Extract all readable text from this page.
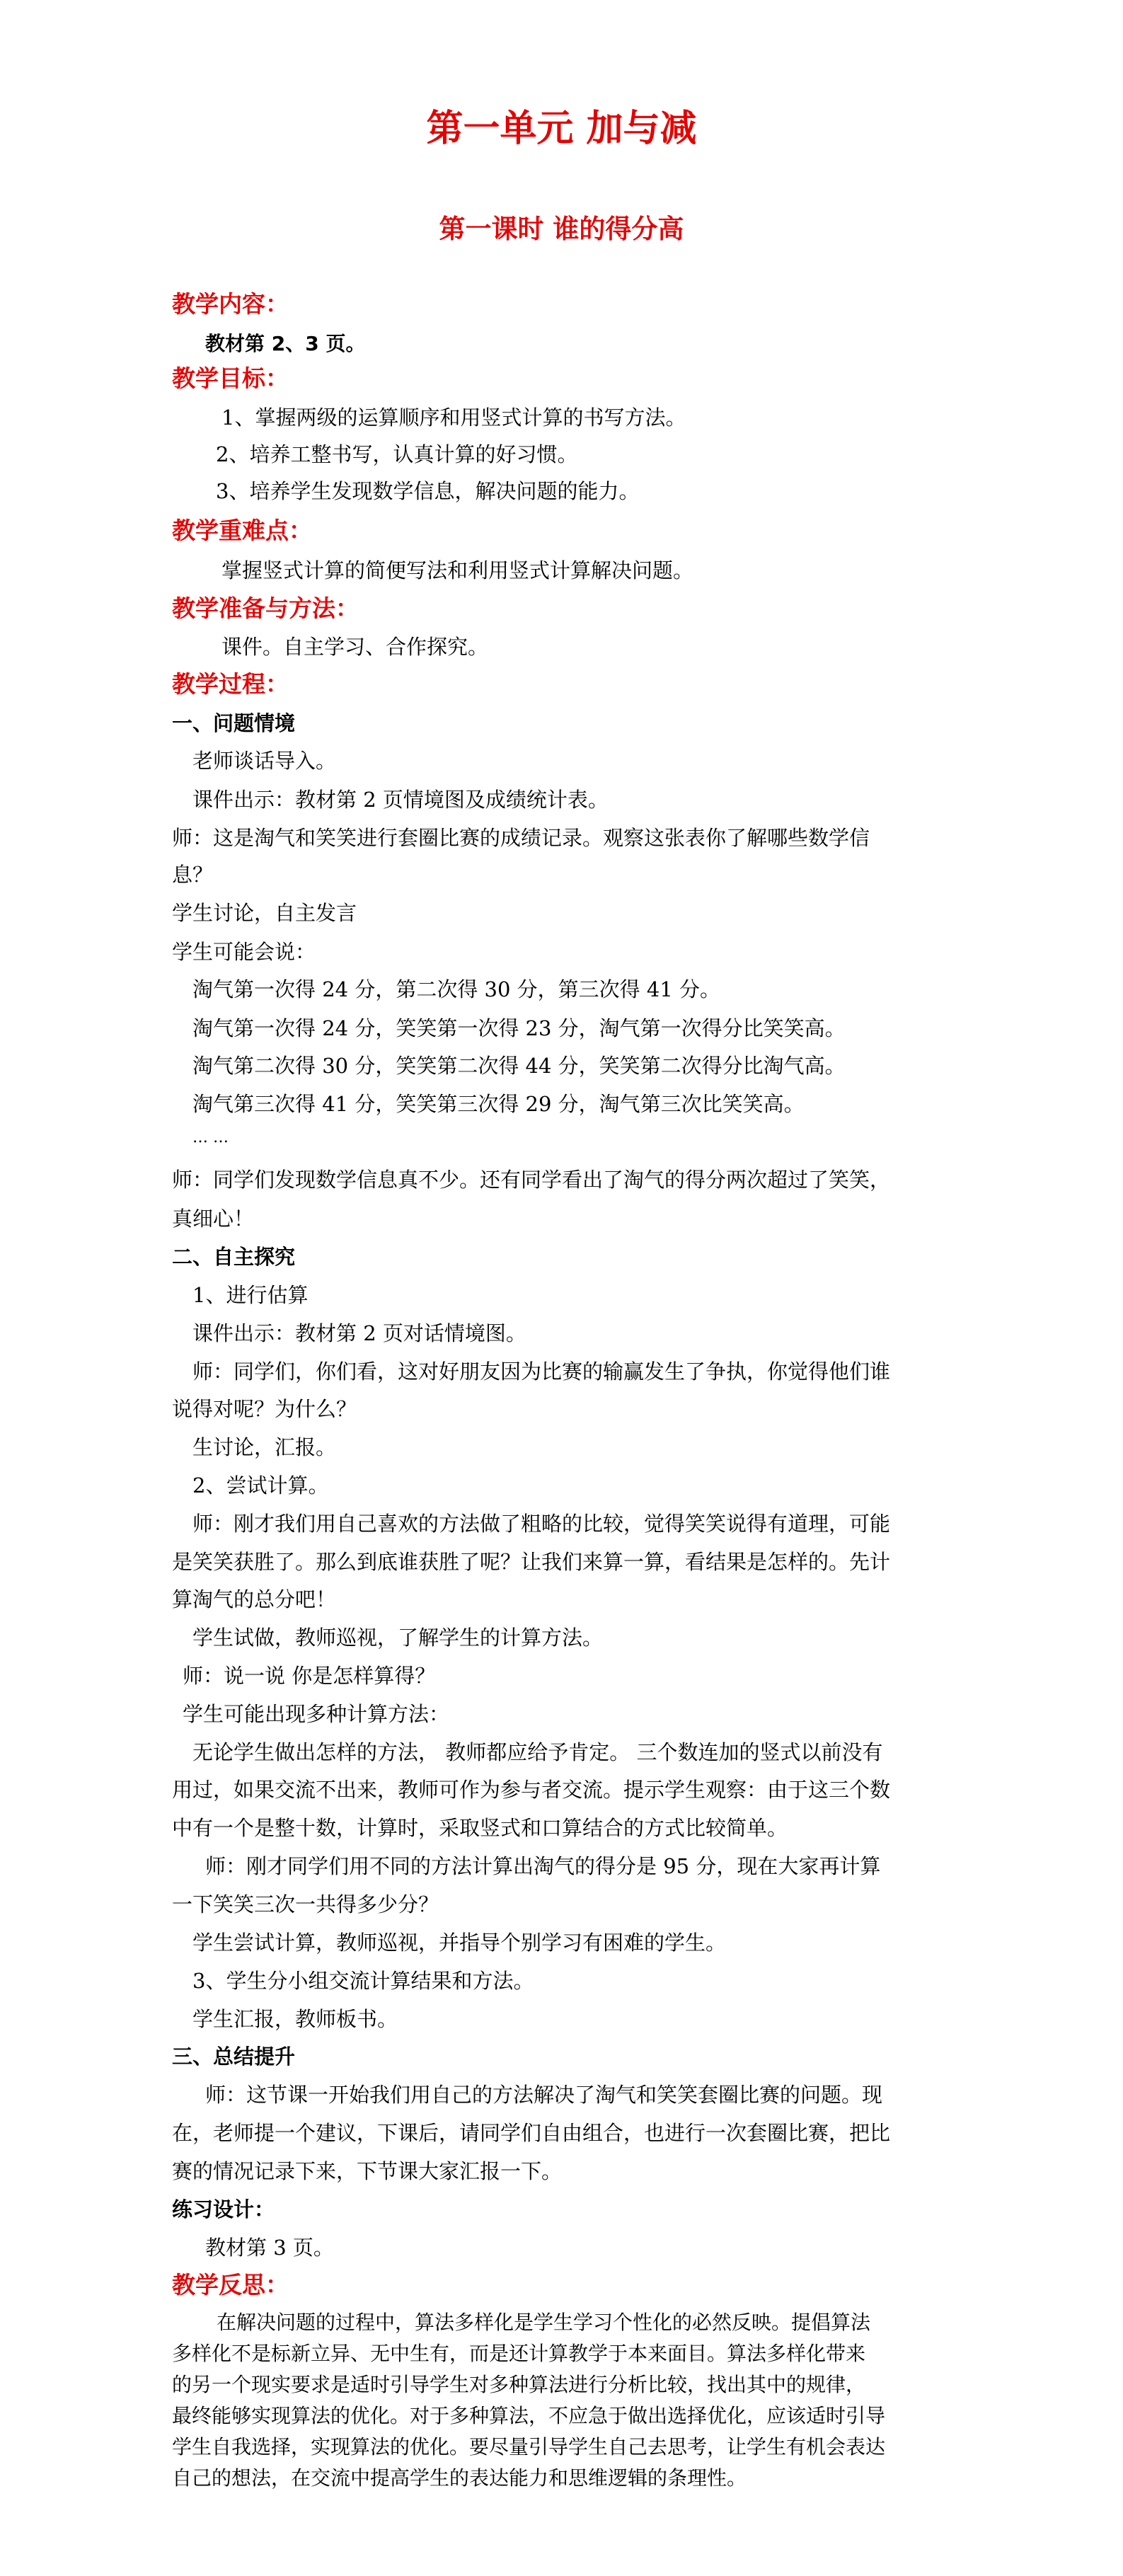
第一单元 加与减
第一课时 谁的得分高
教学内容：
教材第 2、3 页。
教学目标：
1、掌握两级的运算顺序和用竖式计算的书写方法。
2、培养工整书写，认真计算的好习惯。
3、培养学生发现数学信息，解决问题的能力。
教学重难点：
掌握竖式计算的简便写法和利用竖式计算解决问题。
教学准备与方法：
课件。自主学习、合作探究。
教学过程：
一、问题情境
老师谈话导入。
课件出示：教材第 2 页情境图及成绩统计表。
师：这是淘气和笑笑进行套圈比赛的成绩记录。观察这张表你了解哪些数学信
息？
学生讨论，自主发言
学生可能会说：
淘气第一次得 24 分，第二次得 30 分，第三次得 41 分。
淘气第一次得 24 分，笑笑第一次得 23 分，淘气第一次得分比笑笑高。
淘气第二次得 30 分，笑笑第二次得 44 分，笑笑第二次得分比淘气高。
淘气第三次得 41 分，笑笑第三次得 29 分，淘气第三次比笑笑高。
… …
师：同学们发现数学信息真不少。还有同学看出了淘气的得分两次超过了笑笑，
真细心！
二、自主探究
1、进行估算
课件出示：教材第 2 页对话情境图。
师：同学们，你们看，这对好朋友因为比赛的输赢发生了争执，你觉得他们谁
说得对呢？为什么？
生讨论，汇报。
2、尝试计算。
师：刚才我们用自己喜欢的方法做了粗略的比较，觉得笑笑说得有道理，可能
是笑笑获胜了。那么到底谁获胜了呢？让我们来算一算，看结果是怎样的。先计
算淘气的总分吧！
学生试做，教师巡视，了解学生的计算方法。
师：说一说 你是怎样算得？
学生可能出现多种计算方法：
无论学生做出怎样的方法， 教师都应给予肯定。 三个数连加的竖式以前没有
用过，如果交流不出来，教师可作为参与者交流。提示学生观察：由于这三个数
中有一个是整十数，计算时，采取竖式和口算结合的方式比较简单。
师：刚才同学们用不同的方法计算出淘气的得分是 95 分，现在大家再计算
一下笑笑三次一共得多少分？
学生尝试计算，教师巡视，并指导个别学习有困难的学生。
3、学生分小组交流计算结果和方法。
学生汇报，教师板书。
三、总结提升
师：这节课一开始我们用自己的方法解决了淘气和笑笑套圈比赛的问题。现
在，老师提一个建议，下课后，请同学们自由组合，也进行一次套圈比赛，把比
赛的情况记录下来，下节课大家汇报一下。
练习设计：
教材第 3 页。
教学反思：
在解决问题的过程中，算法多样化是学生学习个性化的必然反映。提倡算法
多样化不是标新立异、无中生有，而是还计算教学于本来面目。算法多样化带来
的另一个现实要求是适时引导学生对多种算法进行分析比较，找出其中的规律，
最终能够实现算法的优化。对于多种算法，不应急于做出选择优化，应该适时引导
学生自我选择，实现算法的优化。要尽量引导学生自己去思考，让学生有机会表达
自己的想法，在交流中提高学生的表达能力和思维逻辑的条理性。
